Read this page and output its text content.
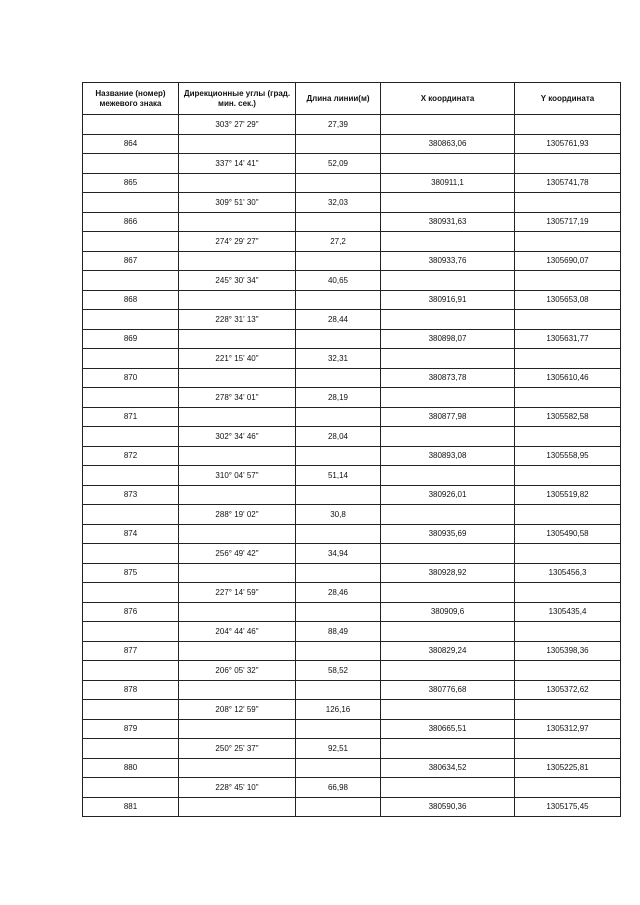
Название (номер) межевого знака	Дирекционные углы (град. мин. сек.)	Длина линии(м)	Х координата	Y координата
	303° 27' 29"	27,39		
864			380863,06	1305761,93
	337° 14' 41"	52,09		
865			380911,1	1305741,78
	309° 51' 30"	32,03		
866			380931,63	1305717,19
	274° 29' 27"	27,2		
867			380933,76	1305690,07
	245° 30' 34"	40,65		
868			380916,91	1305653,08
	228° 31' 13"	28,44		
869			380898,07	1305631,77
	221° 15' 40"	32,31		
870			380873,78	1305610,46
	278° 34' 01"	28,19		
871			380877,98	1305582,58
	302° 34' 46"	28,04		
872			380893,08	1305558,95
	310° 04' 57"	51,14		
873			380926,01	1305519,82
	288° 19' 02"	30,8		
874			380935,69	1305490,58
	256° 49' 42"	34,94		
875			380928,92	1305456,3
	227° 14' 59"	28,46		
876			380909,6	1305435,4
	204° 44' 46"	88,49		
877			380829,24	1305398,36
	206° 05' 32"	58,52		
878			380776,68	1305372,62
	208° 12' 59"	126,16		
879			380665,51	1305312,97
	250° 25' 37"	92,51		
880			380634,52	1305225,81
	228° 45' 10"	66,98		
881			380590,36	1305175,45
